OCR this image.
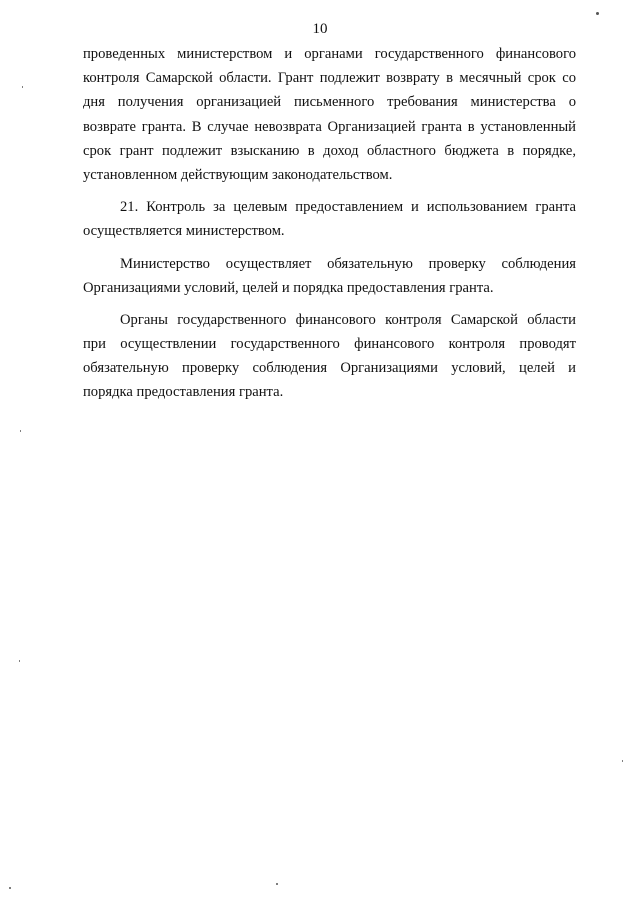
10
проведенных министерством и органами государственного финансового
контроля Самарской области. Грант подлежит возврату в месячный срок со
дня получения организацией письменного требования министерства о
возврате гранта. В случае невозврата Организацией гранта в установленный
срок грант подлежит взысканию в доход областного бюджета в порядке,
установленном действующим законодательством.
21. Контроль за целевым предоставлением и использованием гранта
осуществляется министерством.
Министерство осуществляет обязательную проверку соблюдения
Организациями условий, целей и порядка предоставления гранта.
Органы государственного финансового контроля Самарской области
при осуществлении государственного финансового контроля проводят
обязательную проверку соблюдения Организациями условий, целей и
порядка предоставления гранта.
